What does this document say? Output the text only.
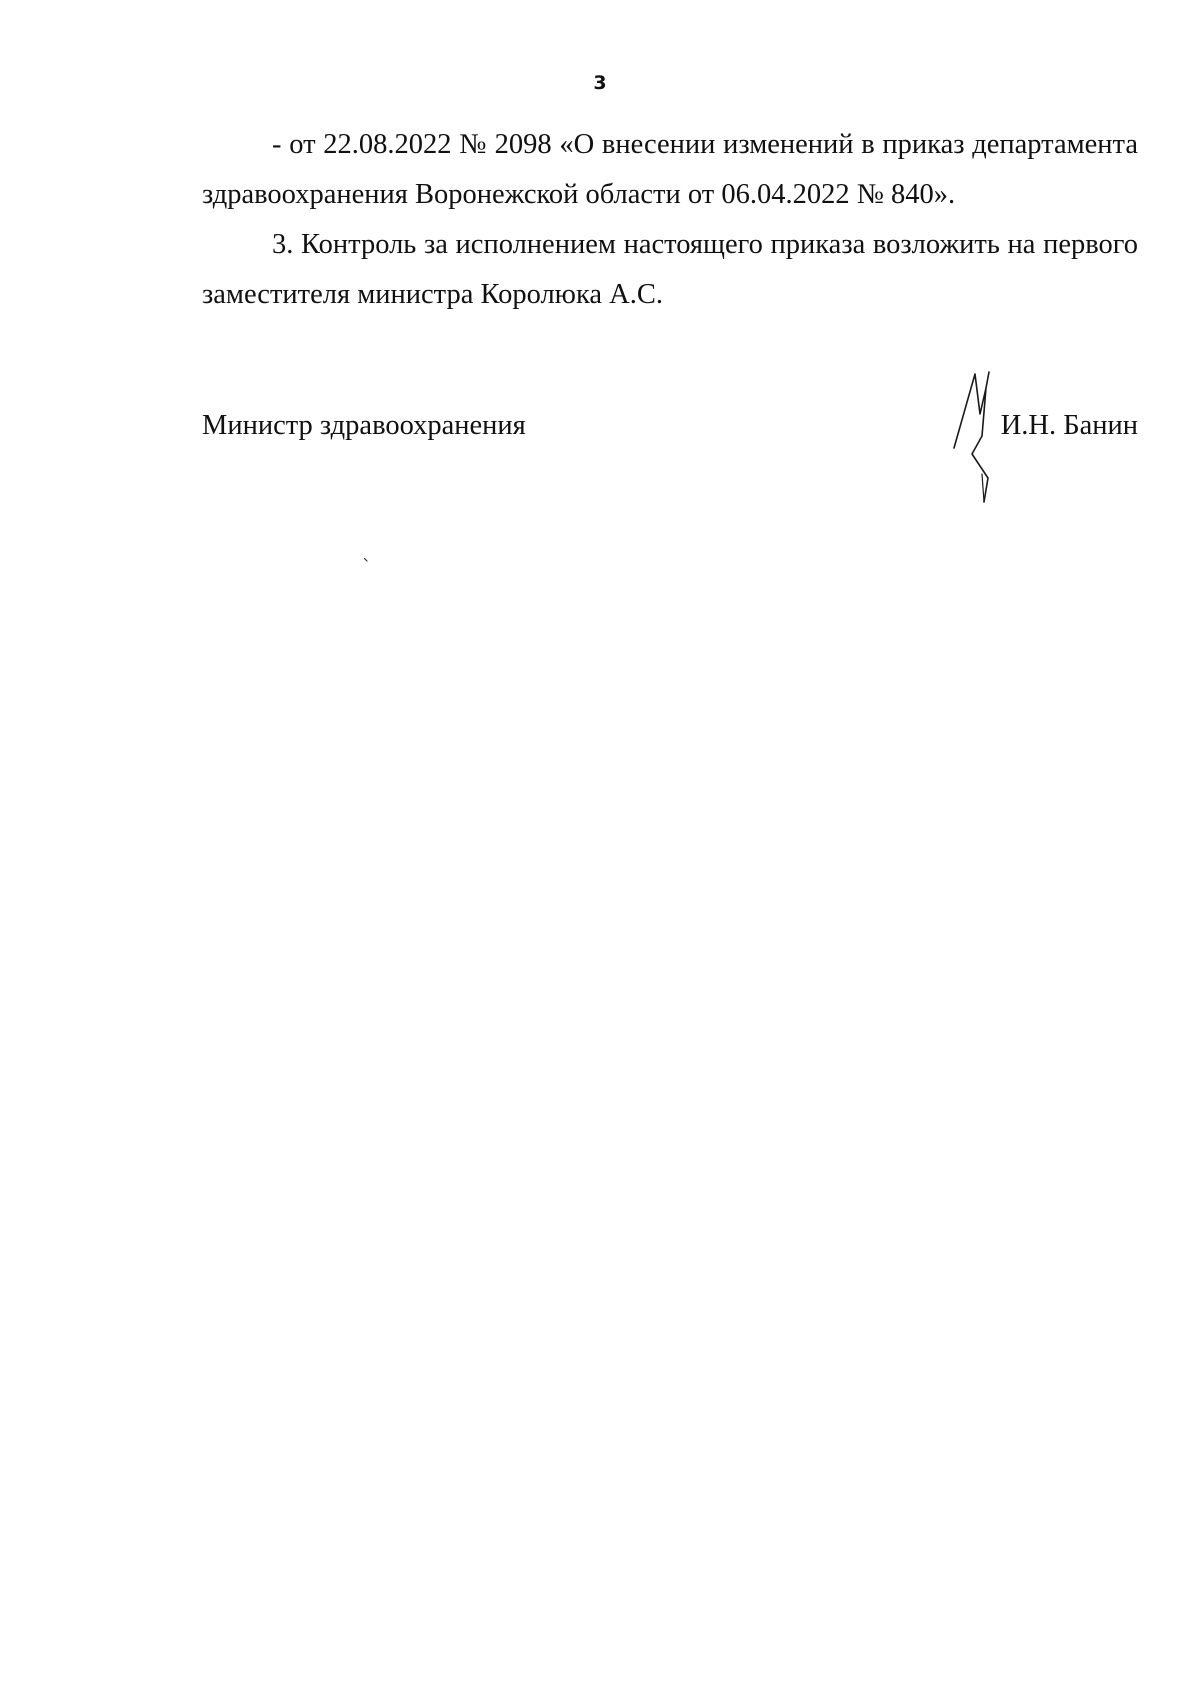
3

- от 22.08.2022 № 2098 «О внесении изменений в приказ департамента здравоохранения Воронежской области от 06.04.2022 № 840».

3. Контроль за исполнением настоящего приказа возложить на первого заместителя министра Королюка А.С.

Министр здравоохранения	И.Н. Банин
